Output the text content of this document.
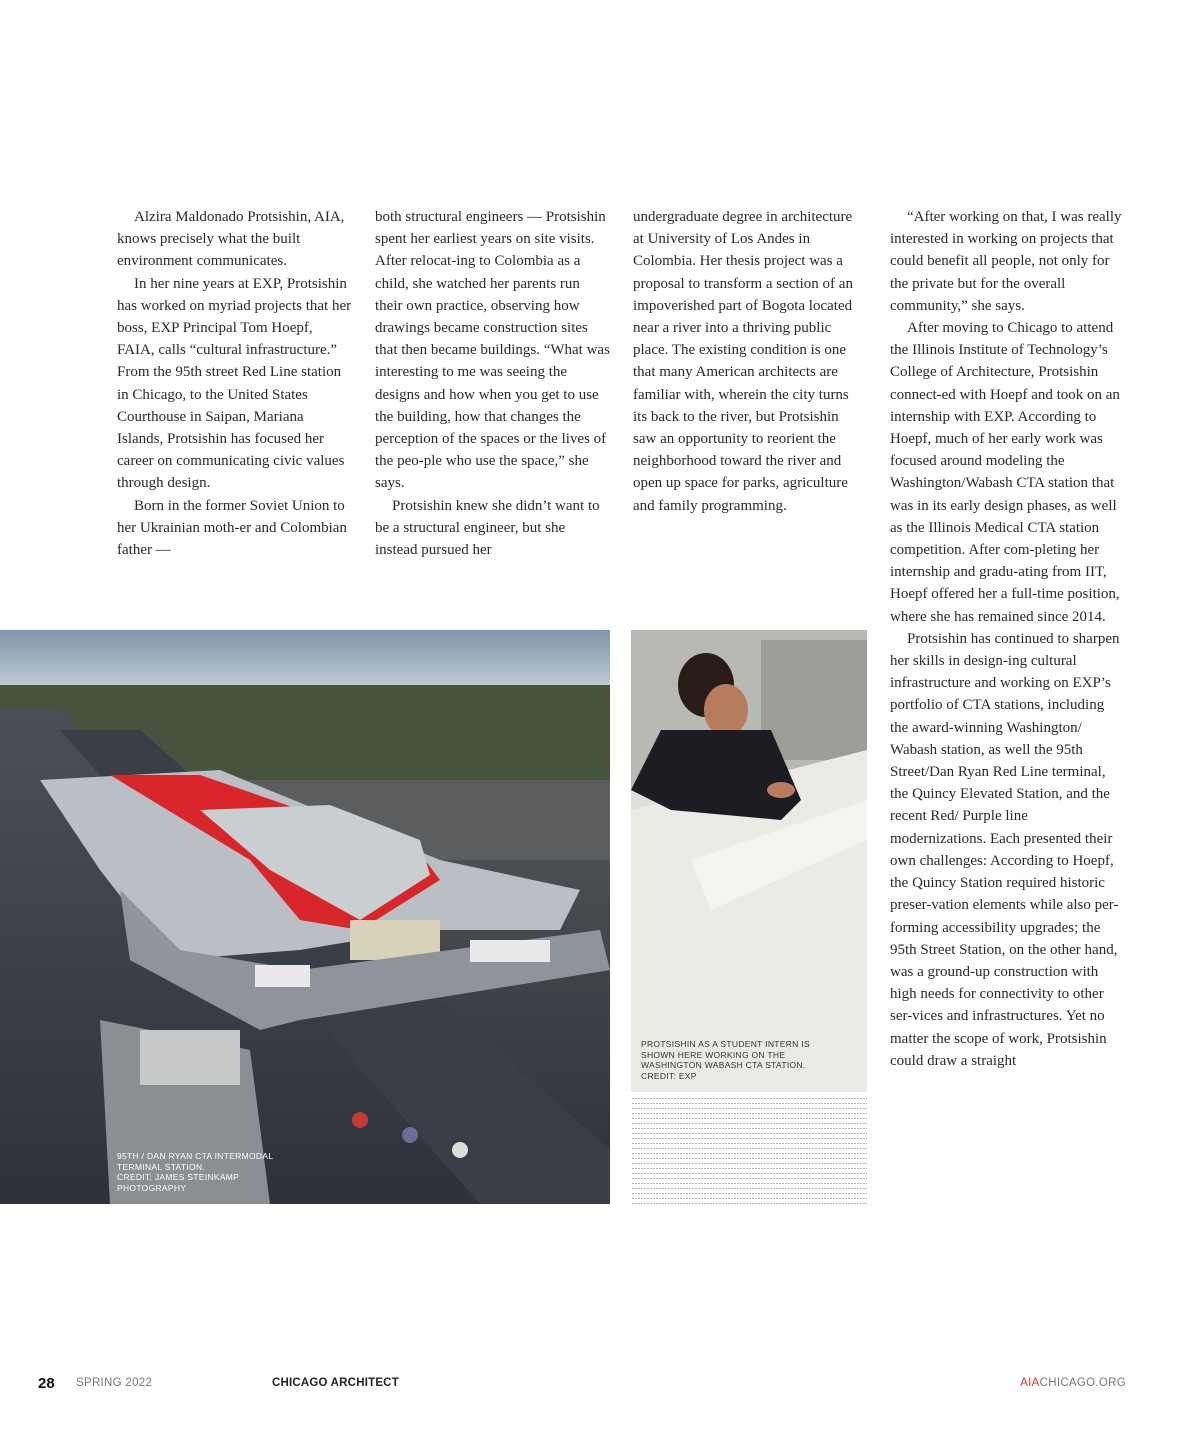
Alzira Maldonado Protsishin, AIA, knows precisely what the built environment communicates.

In her nine years at EXP, Protsishin has worked on myriad projects that her boss, EXP Principal Tom Hoepf, FAIA, calls “cultural infrastructure.” From the 95th street Red Line station in Chicago, to the United States Courthouse in Saipan, Mariana Islands, Protsishin has focused her career on communicating civic values through design.

Born in the former Soviet Union to her Ukrainian moth-er and Colombian father —

both structural engineers — Protsishin spent her earliest years on site visits. After relocat-ing to Colombia as a child, she watched her parents run their own practice, observing how drawings became construction sites that then became buildings. “What was interesting to me was seeing the designs and how when you get to use the building, how that changes the perception of the spaces or the lives of the peo-ple who use the space,” she says.

Protsishin knew she didn’t want to be a structural engineer, but she instead pursued her

undergraduate degree in architecture at University of Los Andes in Colombia. Her thesis project was a proposal to transform a section of an impoverished part of Bogota located near a river into a thriving public place. The existing condition is one that many American architects are familiar with, wherein the city turns its back to the river, but Protsishin saw an opportunity to reorient the neighborhood toward the river and open up space for parks, agriculture and family programming.

“After working on that, I was really interested in working on projects that could benefit all people, not only for the private but for the overall community,” she says.

After moving to Chicago to attend the Illinois Institute of Technology’s College of Architecture, Protsishin connect-ed with Hoepf and took on an internship with EXP. According to Hoepf, much of her early work was focused around modeling the Washington/Wabash CTA station that was in its early design phases, as well as the Illinois Medical CTA station competition. After com-pleting her internship and gradu-ating from IIT, Hoepf offered her a full-time position, where she has remained since 2014.

Protsishin has continued to sharpen her skills in design-ing cultural infrastructure and working on EXP’s portfolio of CTA stations, including the award-winning Washington/ Wabash station, as well the 95th Street/Dan Ryan Red Line terminal, the Quincy Elevated Station, and the recent Red/ Purple line modernizations. Each presented their own challenges: According to Hoepf, the Quincy Station required historic preser-vation elements while also per-forming accessibility upgrades; the 95th Street Station, on the other hand, was a ground-up construction with high needs for connectivity to other ser-vices and infrastructures. Yet no matter the scope of work, Protsishin could draw a straight

95TH / DAN RYAN CTA INTERMODAL
TERMINAL STATION.
CREDIT: JAMES STEINKAMP
PHOTOGRAPHY
PROTSISHIN AS A STUDENT INTERN IS
SHOWN HERE WORKING ON THE
WASHINGTON WABASH CTA STATION.
CREDIT: EXP
28 SPRING 2022	CHICAGO ARCHITECT	AIACHICAGO.ORG
